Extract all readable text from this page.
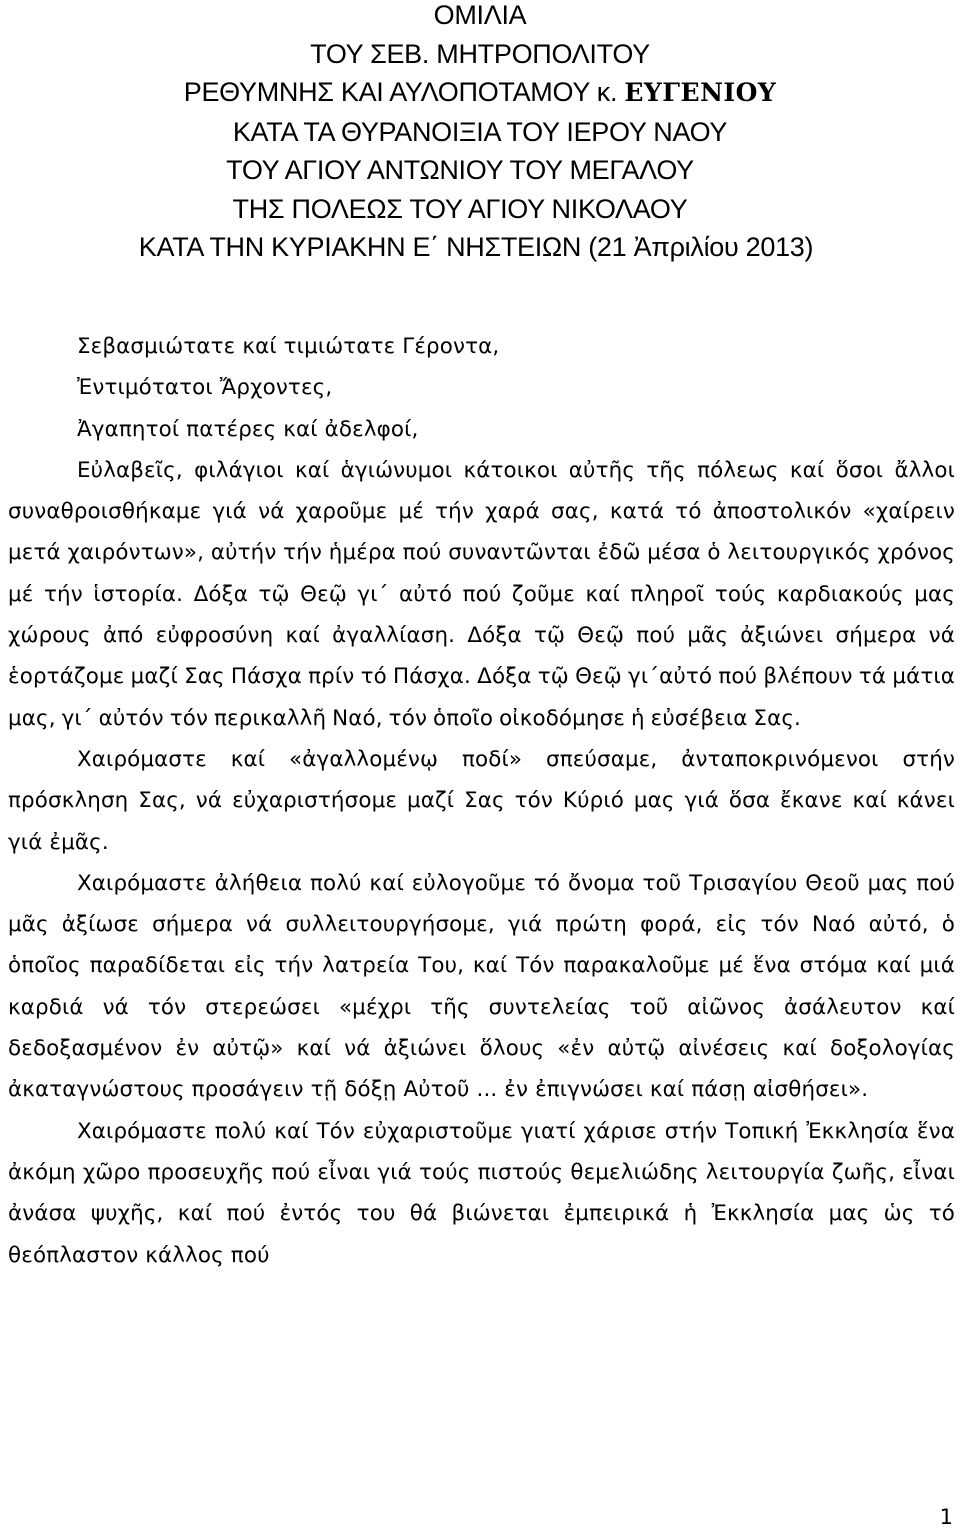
ΟΜΙΛΙΑ
ΤΟΥ ΣΕΒ. ΜΗΤΡΟΠΟΛΙΤΟΥ
ΡΕΘΥΜΝΗΣ ΚΑΙ ΑΥΛΟΠΟΤΑΜΟΥ κ. ΕΥΓΕΝΙΟΥ
ΚΑΤΑ ΤΑ ΘΥΡΑΝΟΙΞΙΑ ΤΟΥ ΙΕΡΟΥ ΝΑΟΥ
ΤΟΥ ΑΓΙΟΥ ΑΝΤΩΝΙΟΥ ΤΟΥ ΜΕΓΑΛΟΥ
ΤΗΣ ΠΟΛΕΩΣ ΤΟΥ ΑΓΙΟΥ ΝΙΚΟΛΑΟΥ
ΚΑΤΑ ΤΗΝ ΚΥΡΙΑΚΗΝ Ε΄ ΝΗΣΤΕΙΩΝ (21 Ἀπριλίου 2013)
Σεβασμιώτατε καί τιμιώτατε Γέροντα,
Ἐντιμότατοι Ἄρχοντες,
Ἀγαπητοί πατέρες καί ἀδελφοί,

Εὐλαβεῖς, φιλάγιοι καί ἁγιώνυμοι κάτοικοι αὐτῆς τῆς πόλεως καί ὅσοι ἄλλοι συναθροισθήκαμε γιά νά χαροῦμε μέ τήν χαρά σας, κατά τό ἀποστολικόν «χαίρειν μετά χαιρόντων», αὐτήν τήν ἡμέρα πού συναντῶνται ἐδῶ μέσα ὁ λειτουργικός χρόνος μέ τήν ἱστορία. Δόξα τῷ Θεῷ γι΄ αὐτό πού ζοῦμε καί πληροῖ τούς καρδιακούς μας χώρους ἀπό εὐφροσύνη καί ἀγαλλίαση. Δόξα τῷ Θεῷ πού μᾶς ἀξιώνει σήμερα νά ἑορτάζομε μαζί Σας Πάσχα πρίν τό Πάσχα. Δόξα τῷ Θεῷ γι΄αὐτό πού βλέπουν τά μάτια μας, γι΄ αὐτόν τόν περικαλλῆ Ναό, τόν ὁποῖο οἰκοδόμησε ἡ εὐσέβεια Σας.

Χαιρόμαστε καί «ἀγαλλομένῳ ποδί» σπεύσαμε, ἀνταποκρινόμενοι στήν πρόσκληση Σας, νά εὐχαριστήσομε μαζί Σας τόν Κύριό μας γιά ὅσα ἔκανε καί κάνει γιά ἐμᾶς.

Χαιρόμαστε ἀλήθεια πολύ καί εὐλογοῦμε τό ὄνομα τοῦ Τρισαγίου Θεοῦ μας πού μᾶς ἀξίωσε σήμερα νά συλλειτουργήσομε, γιά πρώτη φορά, εἰς τόν Ναό αὐτό, ὁ ὁποῖος παραδίδεται εἰς τήν λατρεία Του, καί Τόν παρακαλοῦμε μέ ἕνα στόμα καί μιά καρδιά νά τόν στερεώσει «μέχρι τῆς συντελείας τοῦ αἰῶνος ἀσάλευτον καί δεδοξασμένον ἐν αὐτῷ» καί νά ἀξιώνει ὅλους «ἐν αὐτῷ αἰνέσεις καί δοξολογίας ἀκαταγνώστους προσάγειν τῇ δόξῃ Αὐτοῦ ... ἐν ἐπιγνώσει καί πάσῃ αἰσθήσει».

Χαιρόμαστε πολύ καί Τόν εὐχαριστοῦμε γιατί χάρισε στήν Τοπική Ἐκκλησία ἕνα ἀκόμη χῶρο προσευχῆς πού εἶναι γιά τούς πιστούς θεμελιώδης λειτουργία ζωῆς, εἶναι ἀνάσα ψυχῆς, καί πού ἐντός του θά βιώνεται ἐμπειρικά ἡ Ἐκκλησία μας ὡς τό θεόπλαστον κάλλος πού

1
